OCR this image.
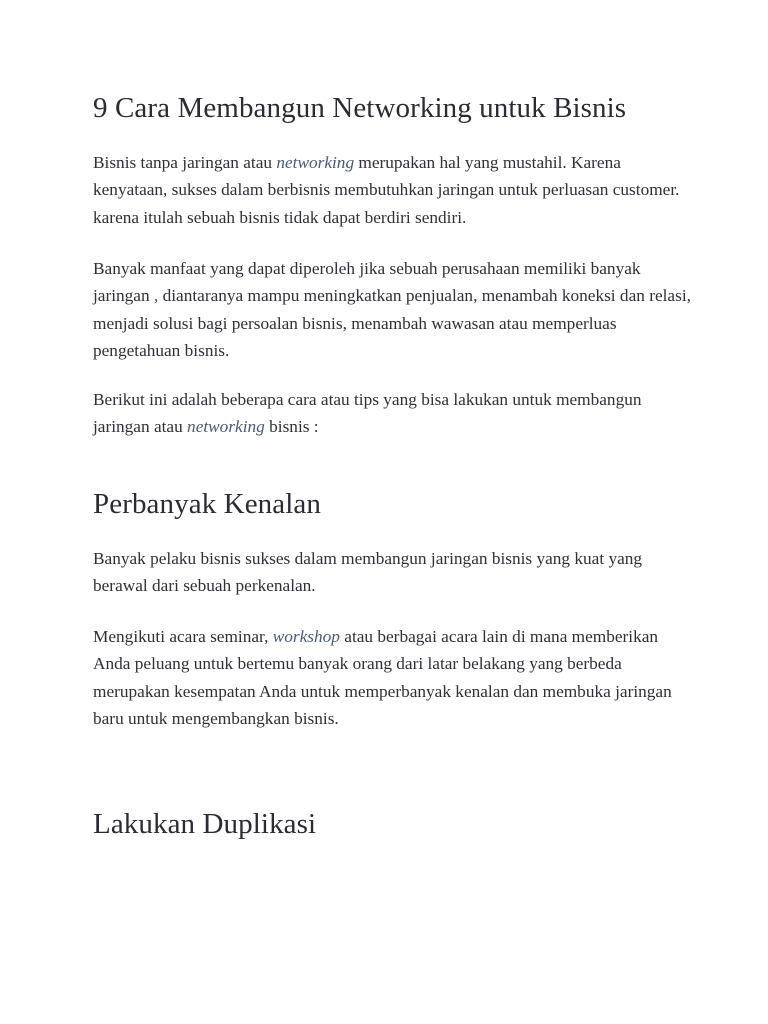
9 Cara Membangun Networking untuk Bisnis

Bisnis tanpa jaringan atau networking merupakan hal yang mustahil. Karena kenyataan, sukses dalam berbisnis membutuhkan jaringan untuk perluasan customer. karena itulah sebuah bisnis tidak dapat berdiri sendiri.

Banyak manfaat yang dapat diperoleh jika sebuah perusahaan memiliki banyak jaringan , diantaranya mampu meningkatkan penjualan, menambah koneksi dan relasi, menjadi solusi bagi persoalan bisnis, menambah wawasan atau memperluas pengetahuan bisnis.

Berikut ini adalah beberapa cara atau tips yang bisa lakukan untuk membangun jaringan atau networking bisnis :

Perbanyak Kenalan

Banyak pelaku bisnis sukses dalam membangun jaringan bisnis yang kuat yang berawal dari sebuah perkenalan.

Mengikuti acara seminar, workshop atau berbagai acara lain di mana memberikan Anda peluang untuk bertemu banyak orang dari latar belakang yang berbeda merupakan kesempatan Anda untuk memperbanyak kenalan dan membuka jaringan baru untuk mengembangkan bisnis.

Lakukan Duplikasi
